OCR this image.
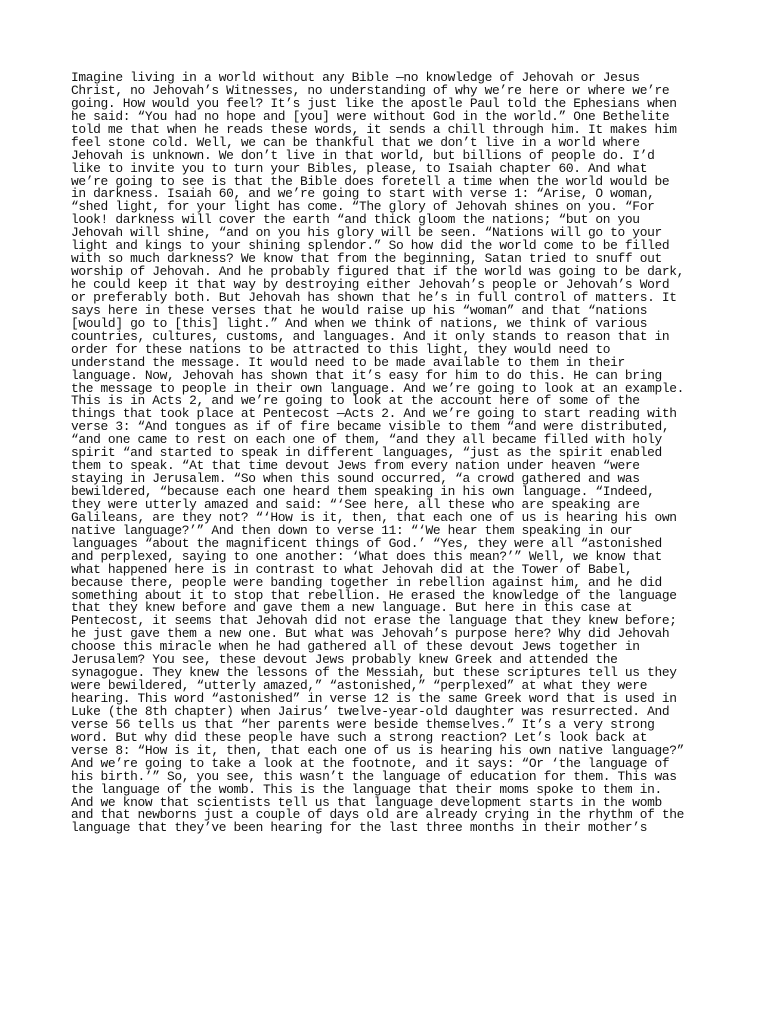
Imagine living in a world without any Bible —no knowledge of Jehovah or Jesus
Christ, no Jehovah’s Witnesses, no understanding of why we’re here or where we’re
going. How would you feel? It’s just like the apostle Paul told the Ephesians when
he said: “You had no hope and [you] were without God in the world.” One Bethelite
told me that when he reads these words, it sends a chill through him. It makes him
feel stone cold. Well, we can be thankful that we don’t live in a world where
Jehovah is unknown. We don’t live in that world, but billions of people do. I’d
like to invite you to turn your Bibles, please, to Isaiah chapter 60. And what
we’re going to see is that the Bible does foretell a time when the world would be
in darkness. Isaiah 60, and we’re going to start with verse 1: “Arise, O woman,
“shed light, for your light has come. “The glory of Jehovah shines on you. “For
look! darkness will cover the earth “and thick gloom the nations; “but on you
Jehovah will shine, “and on you his glory will be seen. “Nations will go to your
light and kings to your shining splendor.” So how did the world come to be filled
with so much darkness? We know that from the beginning, Satan tried to snuff out
worship of Jehovah. And he probably figured that if the world was going to be dark,
he could keep it that way by destroying either Jehovah’s people or Jehovah’s Word
or preferably both. But Jehovah has shown that he’s in full control of matters. It
says here in these verses that he would raise up his “woman” and that “nations
[would] go to [this] light.” And when we think of nations, we think of various
countries, cultures, customs, and languages. And it only stands to reason that in
order for these nations to be attracted to this light, they would need to
understand the message. It would need to be made available to them in their
language. Now, Jehovah has shown that it’s easy for him to do this. He can bring
the message to people in their own language. And we’re going to look at an example.
This is in Acts 2, and we’re going to look at the account here of some of the
things that took place at Pentecost —Acts 2. And we’re going to start reading with
verse 3: “And tongues as if of fire became visible to them “and were distributed,
“and one came to rest on each one of them, “and they all became filled with holy
spirit “and started to speak in different languages, “just as the spirit enabled
them to speak. “At that time devout Jews from every nation under heaven “were
staying in Jerusalem. “So when this sound occurred, “a crowd gathered and was
bewildered, “because each one heard them speaking in his own language. “Indeed,
they were utterly amazed and said: “‘See here, all these who are speaking are
Galileans, are they not? “‘How is it, then, that each one of us is hearing his own
native language?’” And then down to verse 11: “‘We hear them speaking in our
languages “about the magnificent things of God.’ “Yes, they were all “astonished
and perplexed, saying to one another: ‘What does this mean?’” Well, we know that
what happened here is in contrast to what Jehovah did at the Tower of Babel,
because there, people were banding together in rebellion against him, and he did
something about it to stop that rebellion. He erased the knowledge of the language
that they knew before and gave them a new language. But here in this case at
Pentecost, it seems that Jehovah did not erase the language that they knew before;
he just gave them a new one. But what was Jehovah’s purpose here? Why did Jehovah
choose this miracle when he had gathered all of these devout Jews together in
Jerusalem? You see, these devout Jews probably knew Greek and attended the
synagogue. They knew the lessons of the Messiah, but these scriptures tell us they
were bewildered, “utterly amazed,” “astonished,” “perplexed” at what they were
hearing. This word “astonished” in verse 12 is the same Greek word that is used in
Luke (the 8th chapter) when Jairus’ twelve-year-old daughter was resurrected. And
verse 56 tells us that “her parents were beside themselves.” It’s a very strong
word. But why did these people have such a strong reaction? Let’s look back at
verse 8: “How is it, then, that each one of us is hearing his own native language?”
And we’re going to take a look at the footnote, and it says: “Or ‘the language of
his birth.’” So, you see, this wasn’t the language of education for them. This was
the language of the womb. This is the language that their moms spoke to them in.
And we know that scientists tell us that language development starts in the womb
and that newborns just a couple of days old are already crying in the rhythm of the
language that they’ve been hearing for the last three months in their mother’s
